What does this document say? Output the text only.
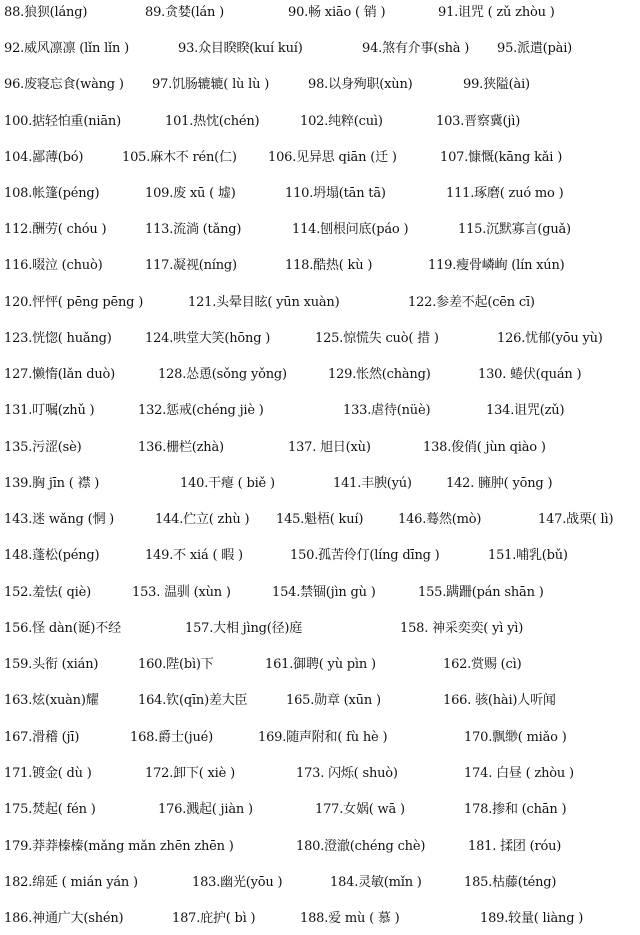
88.狼狈(láng)	89.贪婪(lán )	90.畅 xiāo ( 销 )	91.诅咒 ( zǔ zhòu )
92.威风凛凛 (lǐn lǐn )	93.众目睽睽(kuí kuí)	94.煞有介事(shà ) 95.派遣(pài)
96.废寝忘食(wàng ) 97.饥肠辘辘( lù lù )	98.以身殉职(xùn)	99.狭隘(ài)
100.掂轻怕重(niān)	101.热忱(chén)	102.纯粹(cuì)	103.晋察冀(jì)
104.鄙薄(bó)	105.麻木不 rén(仁) 106.见异思 qiān (迁 )	107.慷慨(kāng kǎi )
108.帐篷(péng)	109.废 xū ( 墟)	110.坍塌(tān tā)	111.琢磨( zuó mo )
112.酬劳( chóu )	113.流淌 (tǎng)	114.刨根问底(páo )	115.沉默寡言(guǎ)
116.啜泣 (chuò)	117.凝视(níng)	118.酷热( kù )	119.瘦骨嶙峋 (lín xún)
120.怦怦( pēng pēng )	121.头晕目眩( yūn xuàn)	122.参差不起(cēn cī)
123.恍惚( huǎng)	124.哄堂大笑(hōng )	125.惊慌失 cuò( 措 )	126.忧郁(yōu yù)
127.懒惰(lǎn duò)	128.怂恿(sǒng yǒng)	129.怅然(chàng)	130. 蜷伏(quán )
131.叮嘱(zhǔ )	132.惩戒(chéng jiè )	133.虐待(nüè)	134.诅咒(zǔ)
135.污涩(sè)	136.栅栏(zhà)	137. 旭日(xù)	138.俊俏( jùn qiào )
139.胸 jīn ( 襟 )	140.干瘪 ( biě )	141.丰腴(yú)	142. 臃肿( yōng )
143.迷 wǎng (惘 )	144.伫立( zhù ) 145.魁梧( kuí)	146.蓦然(mò)	147.战栗( lì)
148.蓬松(péng)	149.不 xiá ( 暇 )	150.孤苦伶仃(líng dīng )	151.哺乳(bǔ)
152.羞怯( qiè)	153. 温驯 (xùn )	154.禁锢(jìn gù )	155.蹒跚(pán shān )
156.怪 dàn(诞)不经	157.大相 jìng(径)庭	158. 神采奕奕( yì yì)
159.头衔 (xián)	160.陛(bì)下	161.御聘( yù pìn )	162.赏赐 (cì)
163.炫(xuàn)耀	164.钦(qīn)差大臣	165.勋章 (xūn )	166. 骇(hài)人听闻
167.滑稽 (jī)	168.爵士(jué)	169.随声附和( fù hè )	170.飘缈( miǎo )
171.镀金( dù )	172.卸下( xiè )	173. 闪烁( shuò)	174. 白昼 ( zhòu )
175.焚起( fén )	176.溅起( jiàn )	177.女娲( wā )	178.掺和 (chān )
179.莽莽榛榛(mǎng mǎn zhēn zhēn )	180.澄澈(chéng chè)	181. 揉团 (róu)
182.绵延 ( mián yán )	183.幽光(yōu )	184.灵敏(mǐn )	185.枯藤(téng)
186.神通广大(shén)	187.庇护( bì )	188.爱 mù ( 慕 )	189.较量( liàng )
